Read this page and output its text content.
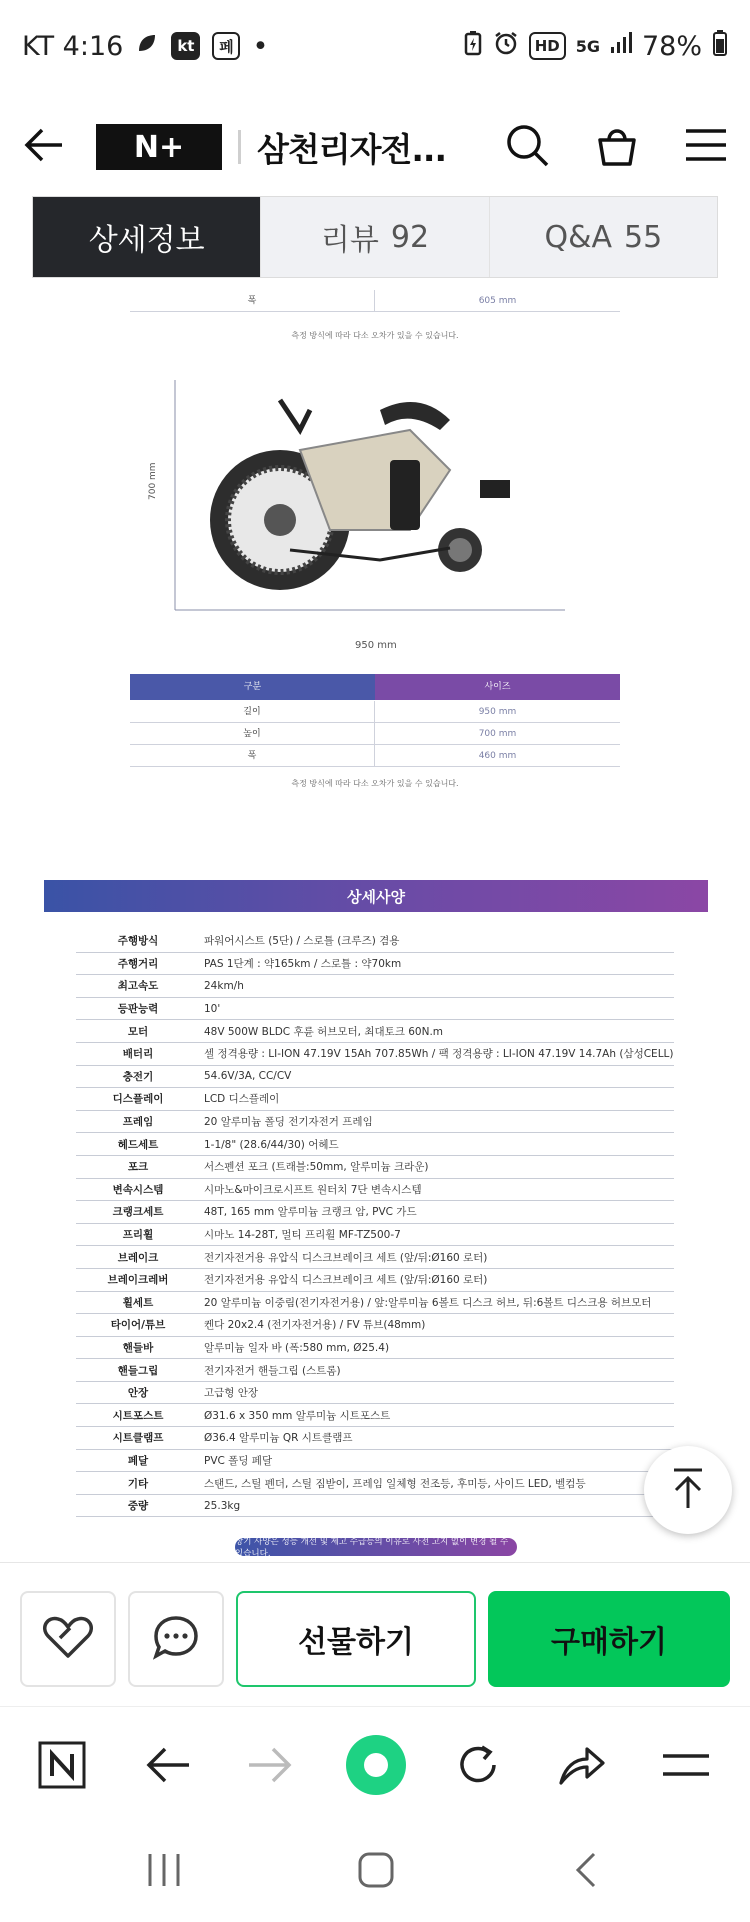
KT 4:16	kt	페 •	HD	5G 78%
N+ 삼천리자전...
상세정보	리뷰 92	Q&A 55
폭	605 mm
측정 방식에 따라 다소 오차가 있을 수 있습니다.
700 mm
950 mm
구분	사이즈
길이	950 mm
높이	700 mm
폭	460 mm
측정 방식에 따라 다소 오차가 있을 수 있습니다.
상세사양
주행방식	파워어시스트 (5단) / 스로틀 (크루즈) 겸용
주행거리	PAS 1단계 : 약165km / 스로틀 : 약70km
최고속도	24km/h
등판능력	10'
모터	48V 500W BLDC 후륜 허브모터, 최대토크 60N.m
배터리	셀 정격용량 : LI-ION 47.19V 15Ah 707.85Wh / 팩 정격용량 : LI-ION 47.19V 14.7Ah (삼성CELL)
충전기	54.6V/3A, CC/CV
디스플레이	LCD 디스플레이
프레임	20 알루미늄 폴딩 전기자전거 프레임
헤드세트	1-1/8" (28.6/44/30) 어헤드
포크	서스펜션 포크 (트래블:50mm, 알루미늄 크라운)
변속시스템	시마노&마이크로시프트 원터치 7단 변속시스템
크랭크세트	48T, 165 mm 알루미늄 크랭크 암, PVC 가드
프리휠	시마노 14-28T, 멀티 프리휠 MF-TZ500-7
브레이크	전기자전거용 유압식 디스크브레이크 세트 (앞/뒤:Ø160 로터)
브레이크레버	전기자전거용 유압식 디스크브레이크 세트 (앞/뒤:Ø160 로터)
휠세트	20 알루미늄 이중림(전기자전거용) / 앞:알루미늄 6볼트 디스크 허브, 뒤:6볼트 디스크용 허브모터
타이어/튜브	켄다 20x2.4 (전기자전거용) / FV 튜브(48mm)
핸들바	알루미늄 일자 바 (폭:580 mm, Ø25.4)
핸들그립	전기자전거 핸들그립 (스트롬)
안장	고급형 안장
시트포스트	Ø31.6 x 350 mm 알루미늄 시트포스트
시트클램프	Ø36.4 알루미늄 QR 시트클램프
페달	PVC 폴딩 페달
기타	스탠드, 스틸 펜더, 스틸 짐받이, 프레임 일체형 전조등, 후미등, 사이드 LED, 벨컴등
중량	25.3kg
상기 사양은 성능 개선 및 제고 수급등의 이유로 사전 고지 없이 변경 될 수 있습니다.
선물하기	구매하기
